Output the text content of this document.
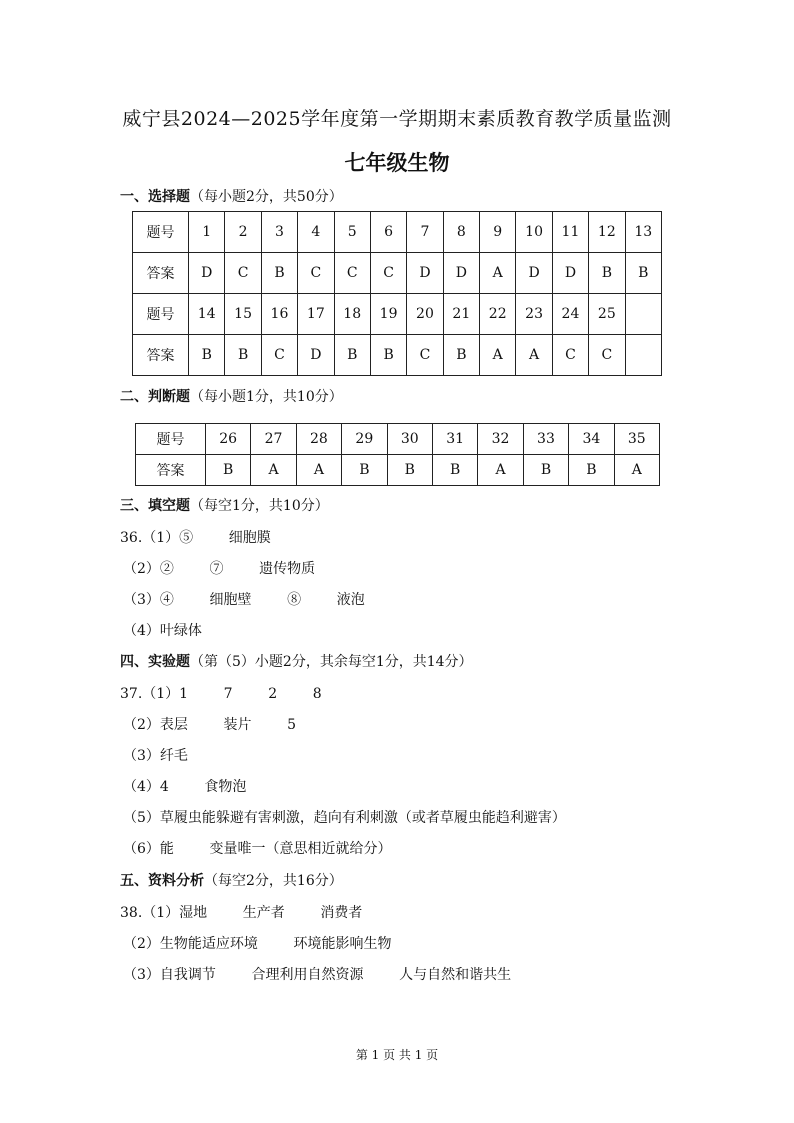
威宁县2024—2025学年度第一学期期末素质教育教学质量监测
七年级生物
一、选择题（每小题2分，共50分）
题号	1	2	3	4	5	6	7	8	9	10	11	12	13
答案	D	C	B	C	C	C	D	D	A	D	D	B	B
题号	14	15	16	17	18	19	20	21	22	23	24	25	
答案	B	B	C	D	B	B	C	B	A	A	C	C	
二、判断题（每小题1分，共10分）
题号	26	27	28	29	30	31	32	33	34	35
答案	B	A	A	B	B	B	A	B	B	A
三、填空题（每空1分，共10分）
36.（1）⑤        细胞膜
（2）②        ⑦        遗传物质
（3）④        细胞壁        ⑧        液泡
（4）叶绿体
四、实验题（第（5）小题2分，其余每空1分，共14分）
37.（1）1        7        2        8
（2）表层        装片        5
（3）纤毛
（4）4        食物泡
（5）草履虫能躲避有害刺激，趋向有利刺激（或者草履虫能趋利避害）
（6）能        变量唯一（意思相近就给分）
五、资料分析（每空2分，共16分）
38.（1）湿地        生产者        消费者
（2）生物能适应环境        环境能影响生物
（3）自我调节        合理利用自然资源        人与自然和谐共生
第 1 页 共 1 页
